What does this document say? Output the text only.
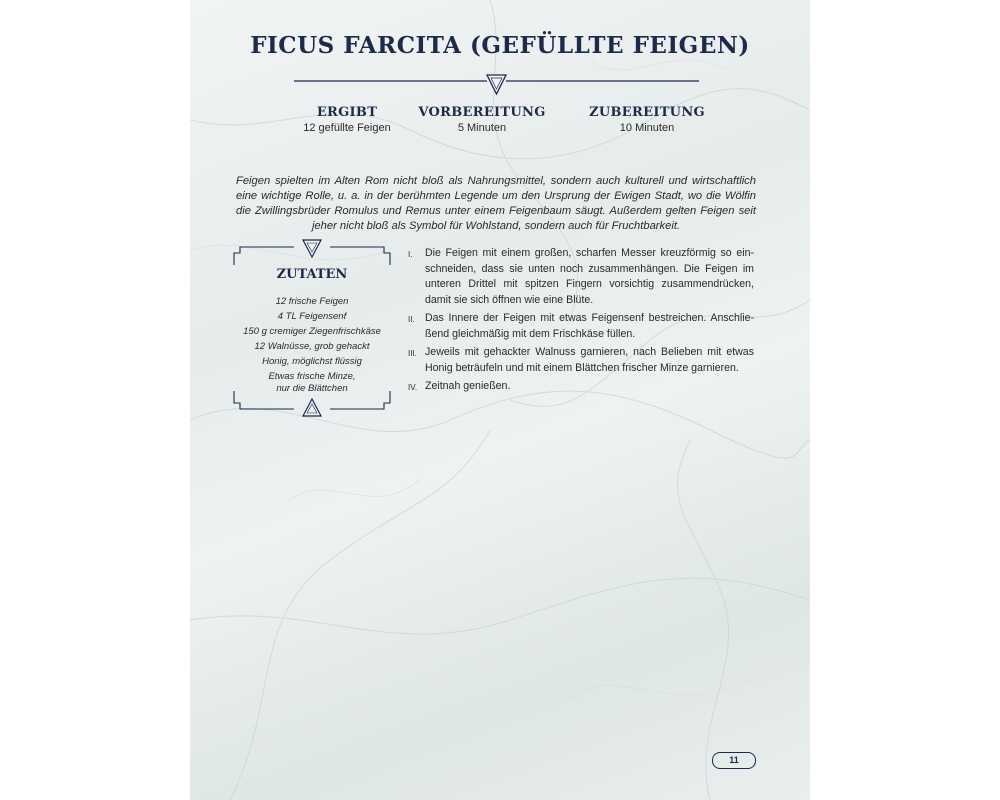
FICUS FARCITA (GEFÜLLTE FEIGEN)
ERGIBT
12 gefüllte Feigen
VORBEREITUNG
5 Minuten
ZUBEREITUNG
10 Minuten

Feigen spielten im Alten Rom nicht bloß als Nahrungsmittel, sondern auch kulturell und wirtschaftlich eine wichtige Rolle, u. a. in der berühmten Legende um den Ursprung der Ewigen Stadt, wo die Wölfin die Zwillingsbrüder Romulus und Remus unter einem Feigenbaum säugt. Außerdem gelten Feigen seit jeher nicht bloß als Symbol für Wohlstand, sondern auch für Fruchtbarkeit.

ZUTATEN
12 frische Feigen
4 TL Feigensenf
150 g cremiger Ziegenfrischkäse
12 Walnüsse, grob gehackt
Honig, möglichst flüssig
Etwas frische Minze,
nur die Blättchen
I. Die Feigen mit einem großen, scharfen Messer kreuzförmig so ein-schneiden, dass sie unten noch zusammenhängen. Die Feigen im unteren Drittel mit spitzen Fingern vorsichtig zusammendrücken, damit sie sich öffnen wie eine Blüte.
II. Das Innere der Feigen mit etwas Feigensenf bestreichen. Anschlie-ßend gleichmäßig mit dem Frischkäse füllen.
III. Jeweils mit gehackter Walnuss garnieren, nach Belieben mit etwas Honig beträufeln und mit einem Blättchen frischer Minze garnieren.
IV. Zeitnah genießen.
11
